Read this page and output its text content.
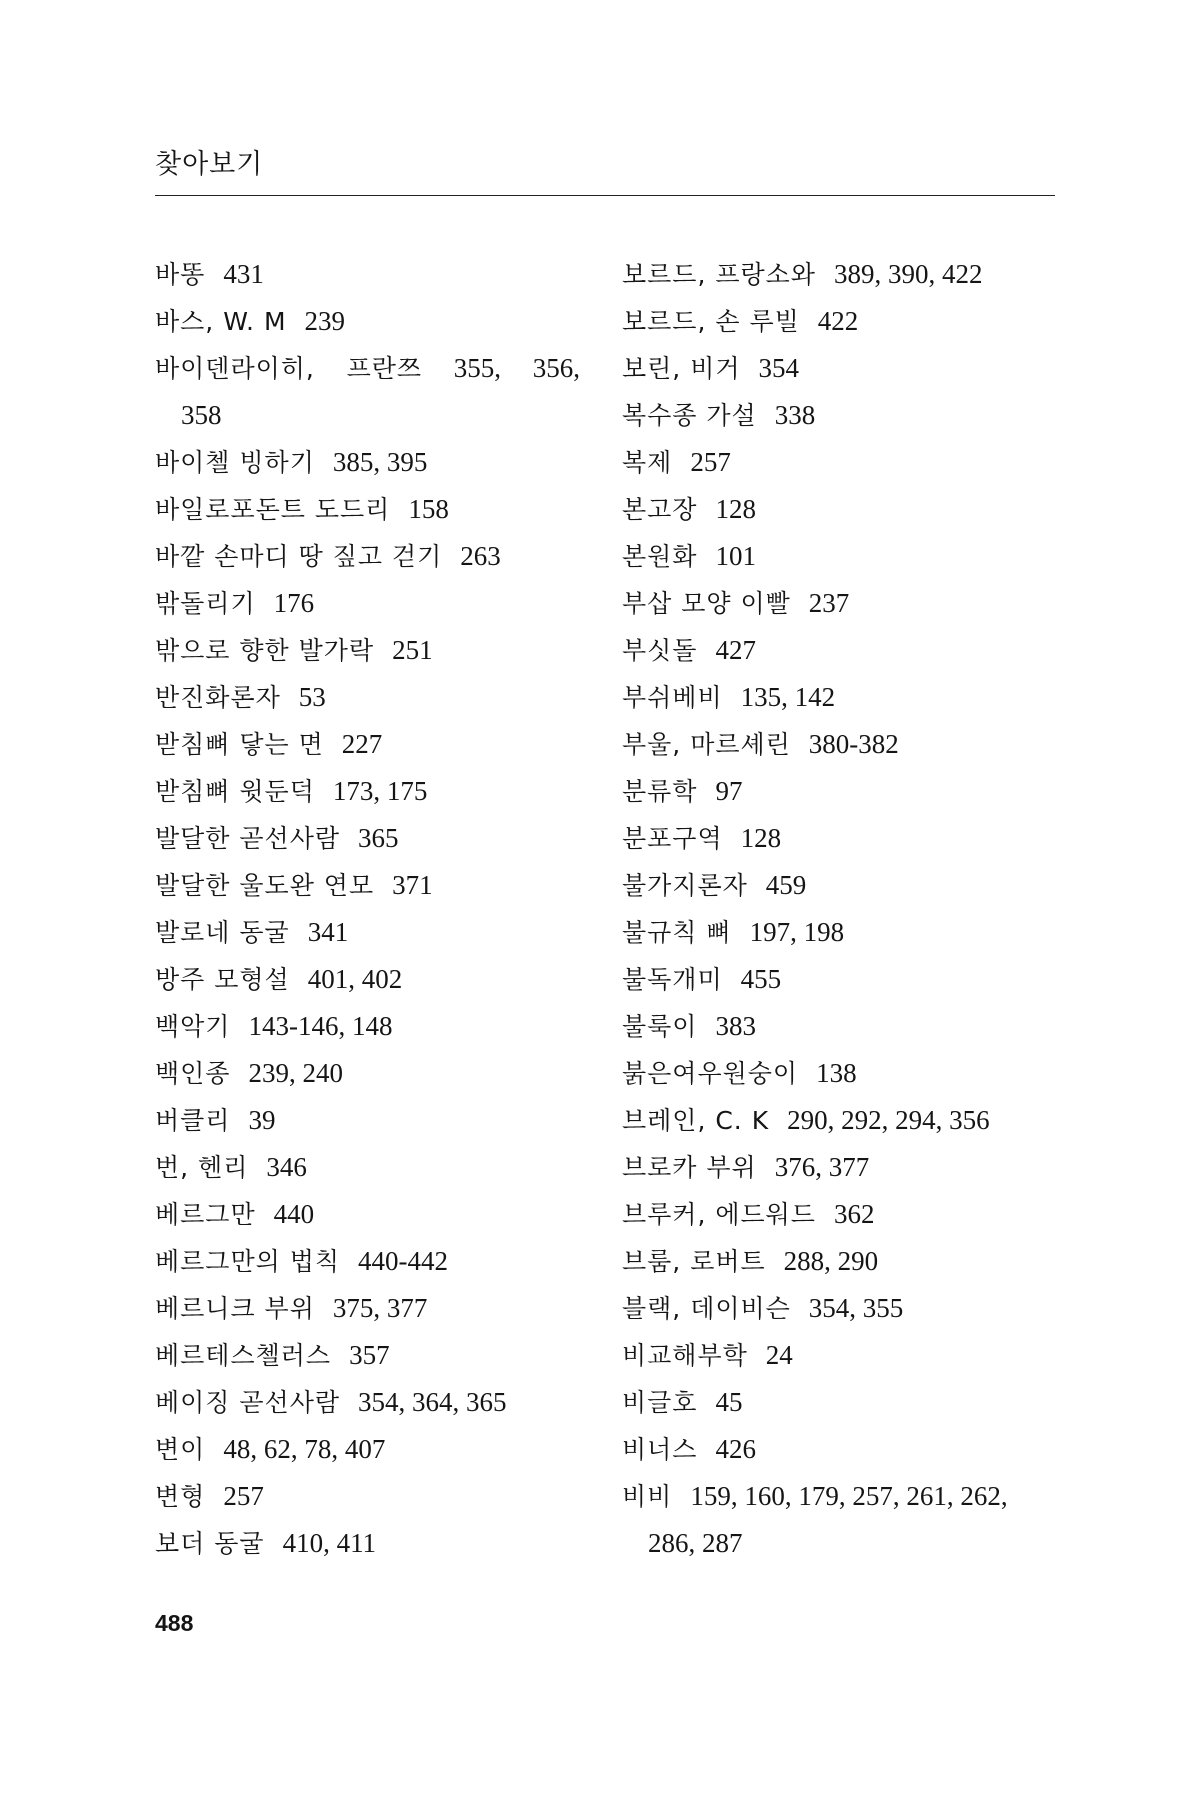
찾아보기
바똥 431
바스, W. M 239
바이덴라이히, 프란쯔 355, 356,
358
바이첼 빙하기 385, 395
바일로포돈트 도드리 158
바깥 손마디 땅 짚고 걷기 263
밖돌리기 176
밖으로 향한 발가락 251
반진화론자 53
받침뼈 닿는 면 227
받침뼈 윗둔덕 173, 175
발달한 곧선사람 365
발달한 울도완 연모 371
발로네 동굴 341
방주 모형설 401, 402
백악기 143-146, 148
백인종 239, 240
버클리 39
번, 헨리 346
베르그만 440
베르그만의 법칙 440-442
베르니크 부위 375, 377
베르테스첼러스 357
베이징 곧선사람 354, 364, 365
변이 48, 62, 78, 407
변형 257
보더 동굴 410, 411
보르드, 프랑소와 389, 390, 422
보르드, 손 루빌 422
보린, 비거 354
복수종 가설 338
복제 257
본고장 128
본원화 101
부삽 모양 이빨 237
부싯돌 427
부쉬베비 135, 142
부울, 마르셰린 380-382
분류학 97
분포구역 128
불가지론자 459
불규칙 뼈 197, 198
불독개미 455
불룩이 383
붉은여우원숭이 138
브레인, C. K 290, 292, 294, 356
브로카 부위 376, 377
브루커, 에드워드 362
브룸, 로버트 288, 290
블랙, 데이비슨 354, 355
비교해부학 24
비글호 45
비너스 426
비비 159, 160, 179, 257, 261, 262,
286, 287
488
